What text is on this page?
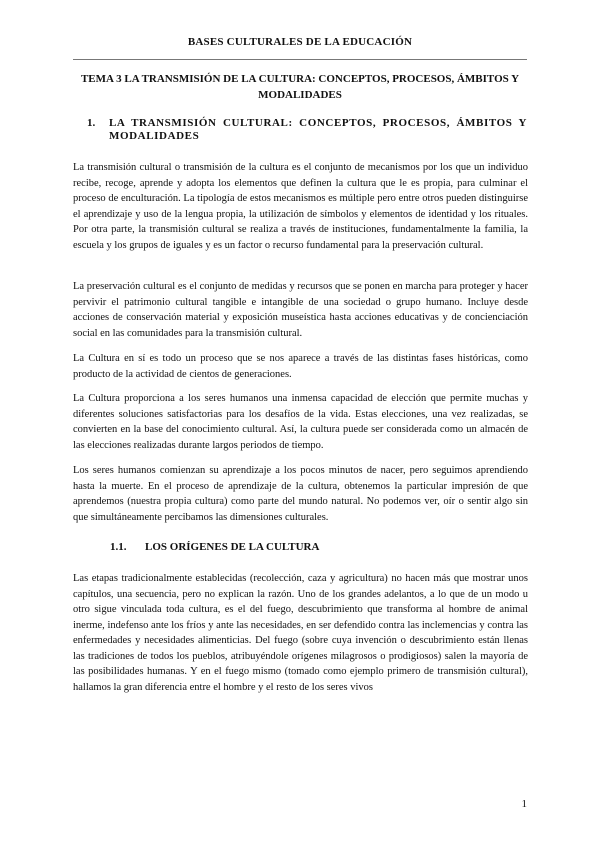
BASES CULTURALES DE LA EDUCACIÓN
TEMA 3 LA TRANSMISIÓN DE LA CULTURA: CONCEPTOS, PROCESOS, ÁMBITOS Y MODALIDADES
1. LA TRANSMISIÓN CULTURAL: CONCEPTOS, PROCESOS, ÁMBITOS Y MODALIDADES

La transmisión cultural o transmisión de la cultura es el conjunto de mecanismos por los que un individuo recibe, recoge, aprende y adopta los elementos que definen la cultura que le es propia, para culminar el proceso de enculturación. La tipología de estos mecanismos es múltiple pero entre otros pueden distinguirse el aprendizaje y uso de la lengua propia, la utilización de símbolos y elementos de identidad y los rituales. Por otra parte, la transmisión cultural se realiza a través de instituciones, fundamentalmente la familia, la escuela y los grupos de iguales y es un factor o recurso fundamental para la preservación cultural.

La preservación cultural es el conjunto de medidas y recursos que se ponen en marcha para proteger y hacer pervivir el patrimonio cultural tangible e intangible de una sociedad o grupo humano. Incluye desde acciones de conservación material y exposición museística hasta acciones educativas y de concienciación social en las comunidades para la transmisión cultural.

La Cultura en sí es todo un proceso que se nos aparece a través de las distintas fases históricas, como producto de la actividad de cientos de generaciones.

La Cultura proporciona a los seres humanos una inmensa capacidad de elección que permite muchas y diferentes soluciones satisfactorias para los desafíos de la vida. Estas elecciones, una vez realizadas, se convierten en la base del conocimiento cultural. Así, la cultura puede ser considerada como un almacén de las elecciones realizadas durante largos periodos de tiempo.

Los seres humanos comienzan su aprendizaje a los pocos minutos de nacer, pero seguimos aprendiendo hasta la muerte. En el proceso de aprendizaje de la cultura, obtenemos la particular impresión de que aprendemos (nuestra propia cultura) como parte del mundo natural. No podemos ver, oír o sentir algo sin que simultáneamente percibamos las dimensiones culturales.

1.1. LOS ORÍGENES DE LA CULTURA

Las etapas tradicionalmente establecidas (recolección, caza y agricultura) no hacen más que mostrar unos capítulos, una secuencia, pero no explican la razón. Uno de los grandes adelantos, a lo que de un modo u otro sigue vinculada toda cultura, es el del fuego, descubrimiento que transforma al hombre de animal inerme, indefenso ante los fríos y ante las necesidades, en ser defendido contra las inclemencias y contra las enfermedades y necesidades alimenticias. Del fuego (sobre cuya invención o descubrimiento están llenas las tradiciones de todos los pueblos, atribuyéndole orígenes milagrosos o prodigiosos) salen la mayoría de las posibilidades humanas. Y en el fuego mismo (tomado como ejemplo primero de transmisión cultural), hallamos la gran diferencia entre el hombre y el resto de los seres vivos

1
